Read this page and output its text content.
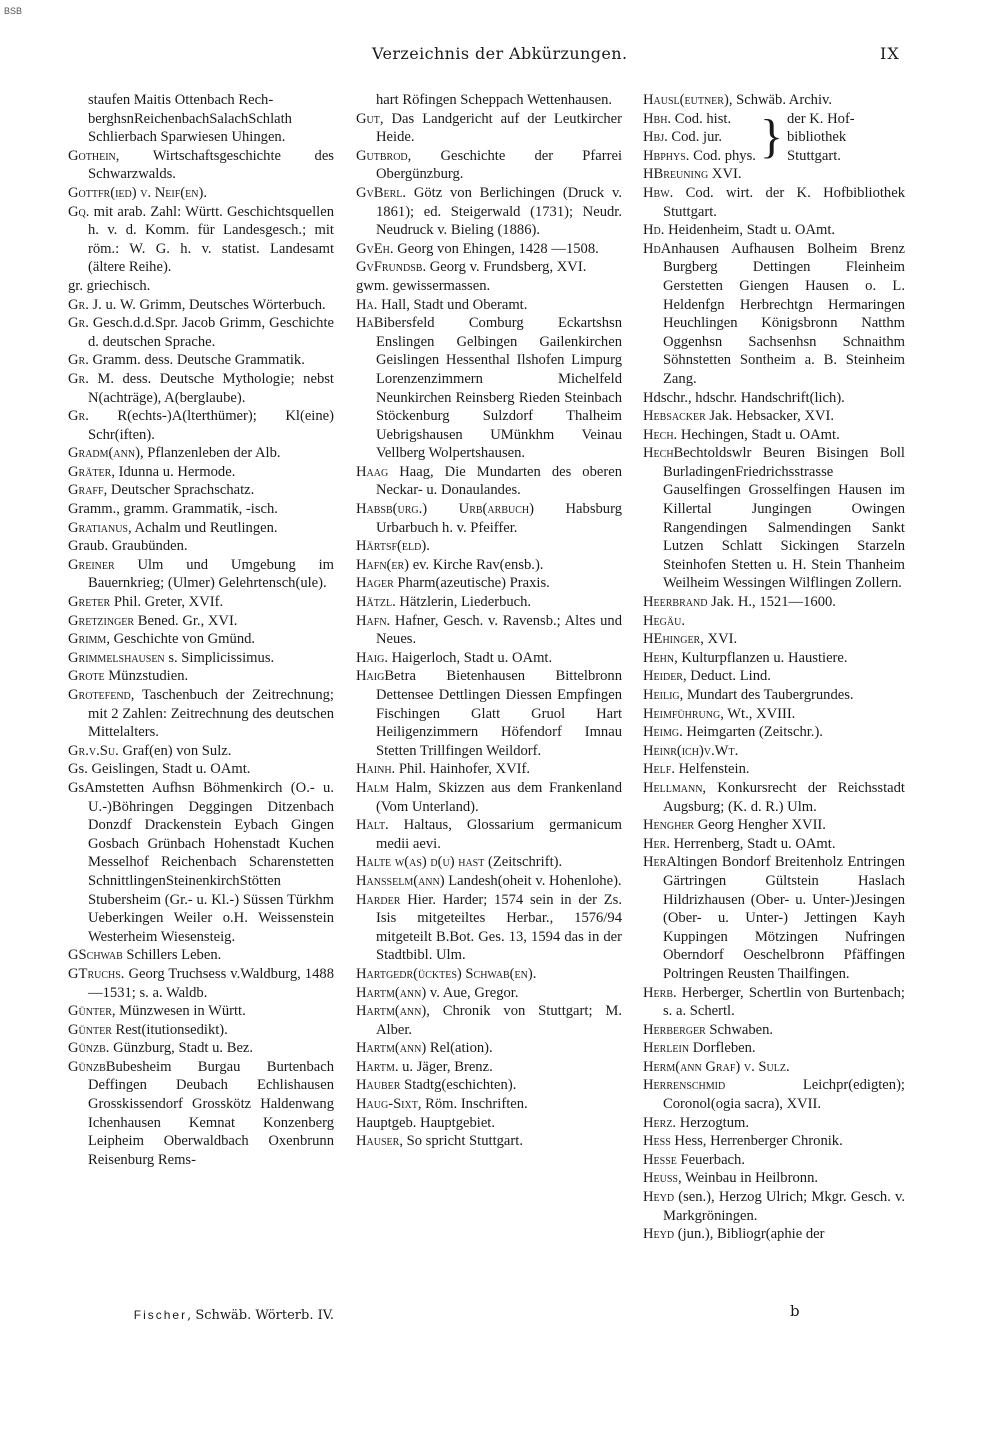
BSB
Verzeichnis der Abkürzungen.	IX
staufen Maitis Ottenbach Rech-
berghsnReichenbachSalachSchlath
Schlierbach Sparwiesen Uhingen.
Gothein, Wirtschaftsgeschichte des Schwarzwalds.
Gottfr(ied) v. Neif(en).
Gq. mit arab. Zahl: Württ. Geschichtsquellen h. v. d. Komm. für Landesgesch.; mit röm.: W. G. h. v. statist. Landesamt (ältere Reihe).
gr. griechisch.
Gr. J. u. W. Grimm, Deutsches Wörterbuch.
Gr. Gesch.d.d.Spr. Jacob Grimm, Geschichte d. deutschen Sprache.
Gr. Gramm. dess. Deutsche Grammatik.
Gr. M. dess. Deutsche Mythologie; nebst N(achträge), A(berglaube).
Gr. R(echts-)A(lterthümer); Kl(eine) Schr(iften).
Gradm(ann), Pflanzenleben der Alb.
Gräter, Idunna u. Hermode.
Graff, Deutscher Sprachschatz.
Gramm., gramm. Grammatik, -isch.
Gratianus, Achalm und Reutlingen.
Graub. Graubünden.
Greiner Ulm und Umgebung im Bauernkrieg; (Ulmer) Gelehrtensch(ule).
Greter Phil. Greter, XVIf.
Gretzinger Bened. Gr., XVI.
Grimm, Geschichte von Gmünd.
Grimmelshausen s. Simplicissimus.
Grote Münzstudien.
Grotefend, Taschenbuch der Zeitrechnung; mit 2 Zahlen: Zeitrechnung des deutschen Mittelalters.
Gr.v.Su. Graf(en) von Sulz.
Gs. Geislingen, Stadt u. OAmt.
GsAmstetten Aufhsn Böhmenkirch (O.- u. U.-)Böhringen Deggingen Ditzenbach Donzdf Drackenstein Eybach Gingen Gosbach Grünbach Hohenstadt Kuchen Messelhof Reichenbach Scharenstetten SchnittlingenSteinenkirchStötten Stubersheim (Gr.- u. Kl.-) Süssen Türkhm Ueberkingen Weiler o.H. Weissenstein Westerheim Wiesensteig.
GSchwab Schillers Leben.
GTruchs. Georg Truchsess v.Waldburg, 1488—1531; s. a. Waldb.
Günter, Münzwesen in Württ.
Günter Rest(itutionsedikt).
Günzb. Günzburg, Stadt u. Bez.
GünzbBubesheim Burgau Burtenbach Deffingen Deubach Echlishausen Grosskissendorf Grosskötz Haldenwang Ichenhausen Kemnat Konzenberg Leipheim Oberwaldbach Oxenbrunn Reisenburg Rems-
hart Röfingen Scheppach Wettenhausen.
Gut, Das Landgericht auf der Leutkircher Heide.
Gutbrod, Geschichte der Pfarrei Obergünzburg.
GvBerl. Götz von Berlichingen (Druck v. 1861); ed. Steigerwald (1731); Neudr. Neudruck v. Bieling (1886).
GvEh. Georg von Ehingen, 1428 —1508.
GvFrundsb. Georg v. Frundsberg, XVI.
gwm. gewissermassen.
Ha. Hall, Stadt und Oberamt.
HaBibersfeld Comburg Eckartshsn Enslingen Gelbingen Gailenkirchen Geislingen Hessenthal Ilshofen Limpurg Lorenzenzimmern Michelfeld Neunkirchen Reinsberg Rieden Steinbach Stöckenburg Sulzdorf Thalheim Uebrigshausen UMünkhm Veinau Vellberg Wolpertshausen.
Haag Haag, Die Mundarten des oberen Neckar- u. Donaulandes.
Habsb(urg.) Urb(arbuch) Habsburg Urbarbuch h. v. Pfeiffer.
Härtsf(eld).
Hafn(er) ev. Kirche Rav(ensb.).
Hager Pharm(azeutische) Praxis.
Hätzl. Hätzlerin, Liederbuch.
Hafn. Hafner, Gesch. v. Ravensb.; Altes und Neues.
Haig. Haigerloch, Stadt u. OAmt.
HaigBetra Bietenhausen Bittelbronn Dettensee Dettlingen Diessen Empfingen Fischingen Glatt Gruol Hart Heiligenzimmern Höfendorf Imnau Stetten Trillfingen Weildorf.
Hainh. Phil. Hainhofer, XVIf.
Halm Halm, Skizzen aus dem Frankenland (Vom Unterland).
Halt. Haltaus, Glossarium germanicum medii aevi.
Halte w(as) d(u) hast (Zeitschrift).
Hansselm(ann) Landesh(oheit v. Hohenlohe).
Harder Hier. Harder; 1574 sein in der Zs. Isis mitgeteiltes Herbar., 1576/94 mitgeteilt B.Bot. Ges. 13, 1594 das in der Stadtbibl. Ulm.
Hartgedr(ücktes) Schwab(en).
Hartm(ann) v. Aue, Gregor.
Hartm(ann), Chronik von Stuttgart; M. Alber.
Hartm(ann) Rel(ation).
Hartm. u. Jäger, Brenz.
Hauber Stadtg(eschichten).
Haug-Sixt, Röm. Inschriften.
Hauptgeb. Hauptgebiet.
Hauser, So spricht Stuttgart.
Hausl(eutner), Schwäb. Archiv.
Hbh. Cod. hist.
Hbj. Cod. jur.
Hbphys. Cod. phys. } der K. Hof-
bibliothek
Stuttgart.
HBreuning XVI.
Hbw. Cod. wirt. der K. Hofbibliothek Stuttgart.
Hd. Heidenheim, Stadt u. OAmt.
HdAnhausen Aufhausen Bolheim Brenz Burgberg Dettingen Fleinheim Gerstetten Giengen Hausen o. L. Heldenfgn Herbrechtgn Hermaringen Heuchlingen Königsbronn Natthm Oggenhsn Sachsenhsn Schnaithm Söhnstetten Sontheim a. B. Steinheim Zang.
Hdschr., hdschr. Handschrift(lich).
Hebsacker Jak. Hebsacker, XVI.
Hech. Hechingen, Stadt u. OAmt.
HechBechtoldswlr Beuren Bisingen Boll BurladingenFriedrichsstrasse Gauselfingen Grosselfingen Hausen im Killertal Jungingen Owingen Rangendingen Salmendingen Sankt Lutzen Schlatt Sickingen Starzeln Steinhofen Stetten u. H. Stein Thanheim Weilheim Wessingen Wilflingen Zollern.
Heerbrand Jak. H., 1521—1600.
Hegäu.
HEhinger, XVI.
Hehn, Kulturpflanzen u. Haustiere.
Heider, Deduct. Lind.
Heilig, Mundart des Taubergrundes.
Heimführung, Wt., XVIII.
Heimg. Heimgarten (Zeitschr.).
Heinr(ich)v.Wt.
Helf. Helfenstein.
Hellmann, Konkursrecht der Reichsstadt Augsburg; (K. d. R.) Ulm.
Hengher Georg Hengher XVII.
Her. Herrenberg, Stadt u. OAmt.
HerAltingen Bondorf Breitenholz Entringen Gärtringen Gültstein Haslach Hildrizhausen (Ober- u. Unter-)Jesingen (Ober- u. Unter-) Jettingen Kayh Kuppingen Mötzingen Nufringen Oberndorf Oeschelbronn Pfäffingen Poltringen Reusten Thailfingen.
Herb. Herberger, Schertlin von Burtenbach; s. a. Schertl.
Herberger Schwaben.
Herlein Dorfleben.
Herm(ann Graf) v. Sulz.
Herrenschmid Leichpr(edigten); Coronol(ogia sacra), XVII.
Herz. Herzogtum.
Hess Hess, Herrenberger Chronik.
Hesse Feuerbach.
Heuss, Weinbau in Heilbronn.
Heyd (sen.), Herzog Ulrich; Mkgr. Gesch. v. Markgröningen.
Heyd (jun.), Bibliogr(aphie der
Fischer, Schwäb. Wörterb. IV.	b
